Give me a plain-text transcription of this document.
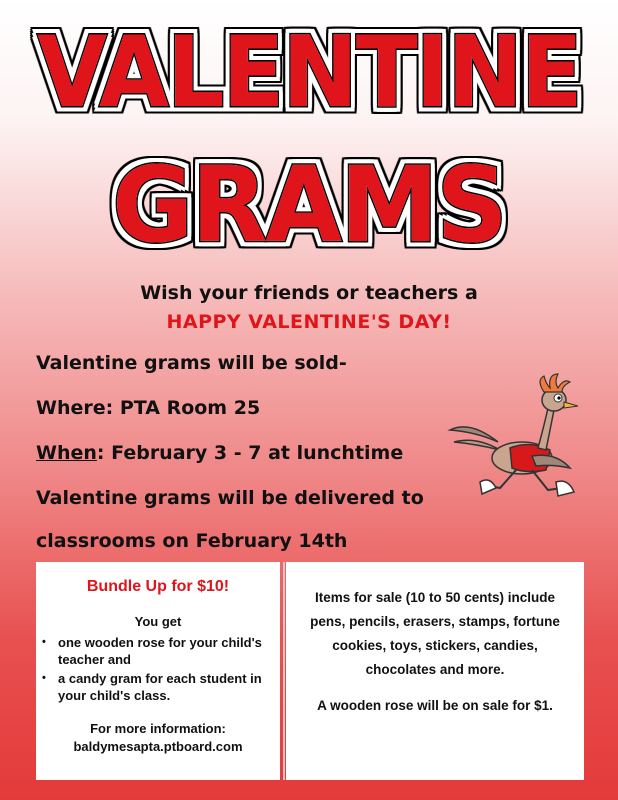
VALENTINE
GRAMS
Wish your friends or teachers a
HAPPY VALENTINE'S DAY!
Valentine grams will be sold-
Where: PTA Room 25
When: February 3 - 7 at lunchtime
Valentine grams will be delivered to
classrooms on February 14th
Bundle Up for $10!
You get
• one wooden rose for your child's teacher and
• a candy gram for each student in your child's class.
For more information:
baldymesapta.ptboard.com
Items for sale (10 to 50 cents) include pens, pencils, erasers, stamps, fortune cookies, toys, stickers, candies, chocolates and more.
A wooden rose will be on sale for $1.
